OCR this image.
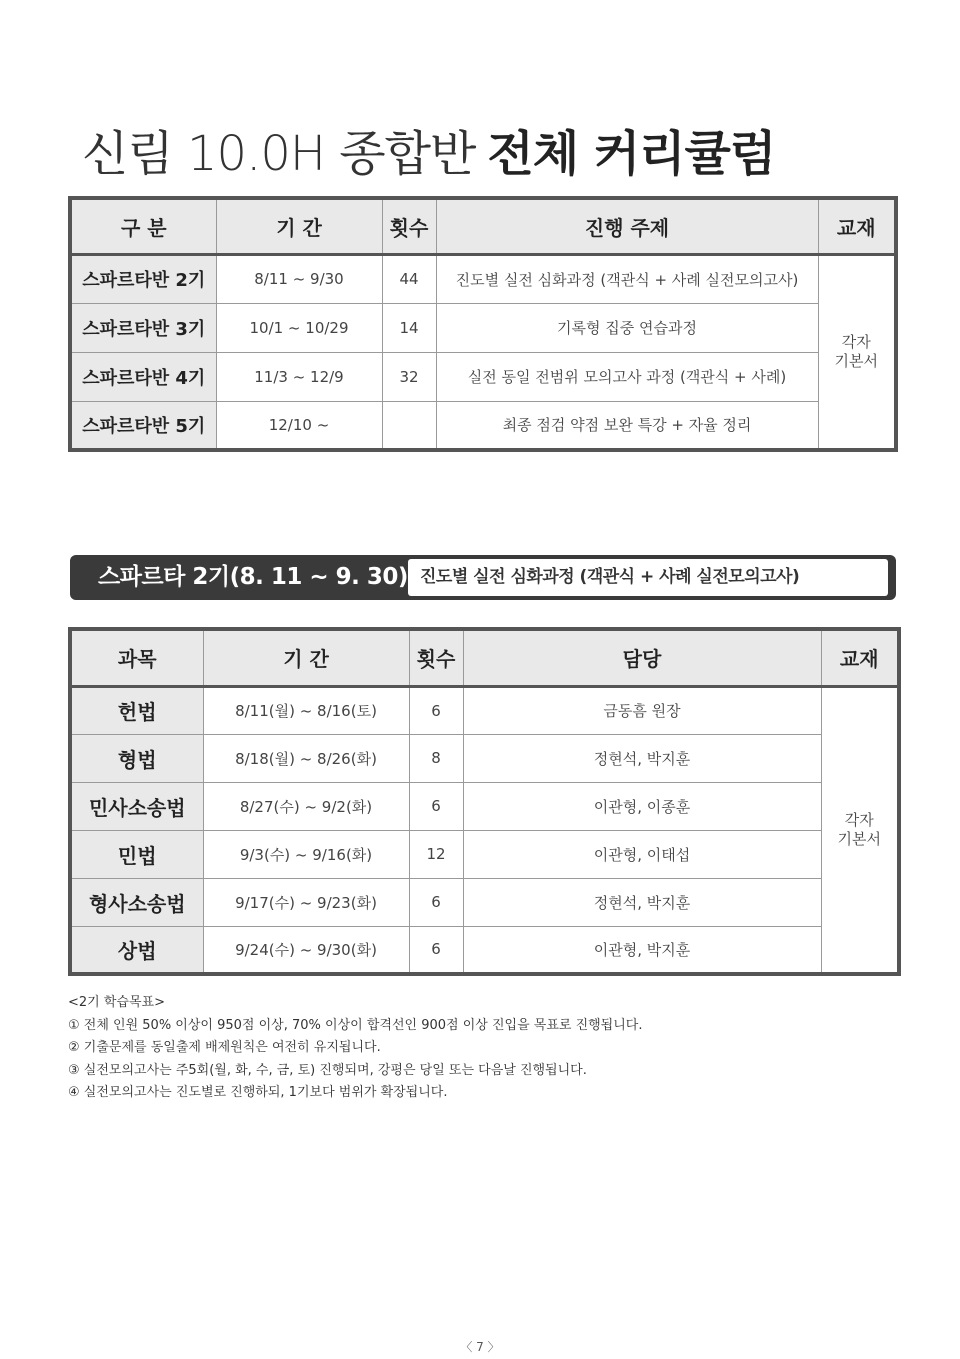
신림 10.0H 종합반 전체 커리큘럼
구 분	기 간	횟수	진행 주제	교재
스파르타반 2기	8/11 ~ 9/30	44	진도별 실전 심화과정 (객관식 + 사례 실전모의고사)	각자
기본서

스파르타반 3기	10/1 ~ 10/29	14	기록형 집중 연습과정	
스파르타반 4기	11/3 ~ 12/9	32	실전 동일 전범위 모의고사 과정 (객관식 + 사례)	
스파르타반 5기	12/10 ~		최종 점검 약점 보완 특강 + 자율 정리	
스파르타 2기(8. 11 ~ 9. 30) 진도별 실전 심화과정 (객관식 + 사례 실전모의고사)
과목	기 간	횟수	담당	교재
헌법	8/11(월) ~ 8/16(토)	6	금동흠 원장	각자
기본서

형법	8/18(월) ~ 8/26(화)	8	정현석, 박지훈	
민사소송법	8/27(수) ~ 9/2(화)	6	이관형, 이종훈	
민법	9/3(수) ~ 9/16(화)	12	이관형, 이태섭	
형사소송법	9/17(수) ~ 9/23(화)	6	정현석, 박지훈	
상법	9/24(수) ~ 9/30(화)	6	이관형, 박지훈	
<2기 학습목표>
① 전체 인원 50% 이상이 950점 이상, 70% 이상이 합격선인 900점 이상 진입을 목표로 진행됩니다.
② 기출문제를 동일출제 배제원칙은 여전히 유지됩니다.
③ 실전모의고사는 주5회(월, 화, 수, 금, 토) 진행되며, 강평은 당일 또는 다음날 진행됩니다.
④ 실전모의고사는 진도별로 진행하되, 1기보다 범위가 확장됩니다.
〈 7 〉
